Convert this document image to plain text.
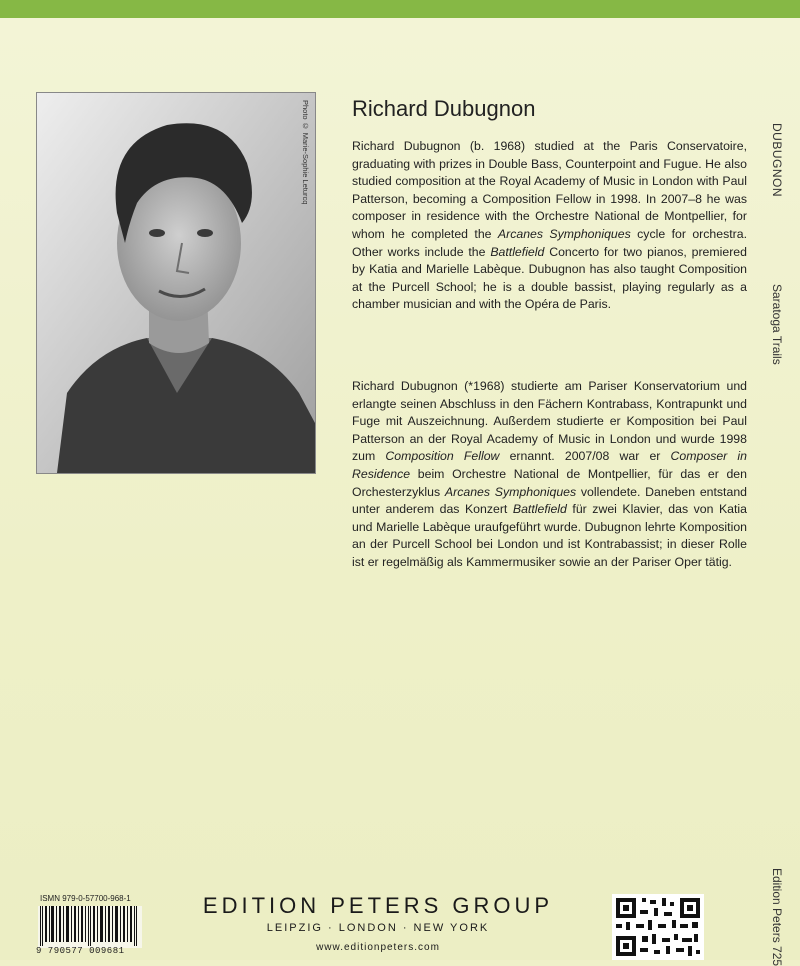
Photo © Marie-Sophie Leturcq Richard Dubugnon

Richard Dubugnon (b. 1968) studied at the Paris Conservatoire, graduating with prizes in Double Bass, Counterpoint and Fugue. He also studied composition at the Royal Academy of Music in London with Paul Patterson, becoming a Composition Fellow in 1998. In 2007–8 he was composer in residence with the Orchestre National de Montpellier, for whom he completed the Arcanes Symphoniques cycle for orchestra. Other works include the Battlefield Concerto for two pianos, premiered by Katia and Marielle Labèque. Dubugnon has also taught Composition at the Purcell School; he is a double bassist, playing regularly as a chamber musician and with the Opéra de Paris.

Richard Dubugnon (*1968) studierte am Pariser Konservatorium und erlangte seinen Abschluss in den Fächern Kontrabass, Kontrapunkt und Fuge mit Auszeichnung. Außerdem studierte er Komposition bei Paul Patterson an der Royal Academy of Music in London und wurde 1998 zum Composition Fellow ernannt. 2007/08 war er Composer in Residence beim Orchestre National de Montpellier, für das er den Orchesterzyklus Arcanes Symphoniques vollendete. Daneben entstand unter anderem das Konzert Battlefield für zwei Klavier, das von Katia und Marielle Labèque uraufgeführt wurde. Dubugnon lehrte Komposition an der Purcell School bei London und ist Kontrabassist; in dieser Rolle ist er regelmäßig als Kammermusiker sowie an der Pariser Oper tätig.

DUBUGNON
Saratoga Trails
Edition Peters 725
ISMN 979-0-57700-968-1
9 790577 009681
EDITION PETERS GROUP
LEIPZIG · LONDON · NEW YORK
www.editionpeters.com
